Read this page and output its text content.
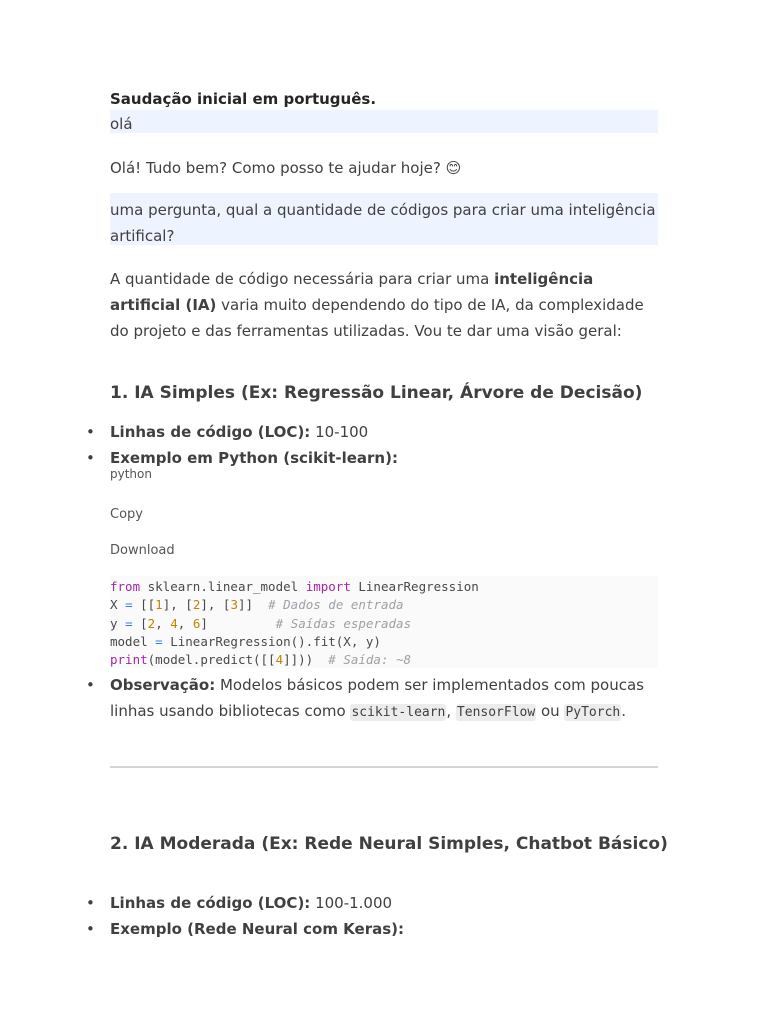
Saudação inicial em português.
olá

Olá! Tudo bem? Como posso te ajudar hoje? 😊

uma pergunta, qual a quantidade de códigos para criar uma inteligência artifical?

A quantidade de código necessária para criar uma inteligência artificial (IA) varia muito dependendo do tipo de IA, da complexidade do projeto e das ferramentas utilizadas. Vou te dar uma visão geral:

1. IA Simples (Ex: Regressão Linear, Árvore de Decisão)
• Linhas de código (LOC): 10-100
• Exemplo em Python (scikit-learn):
python
Copy
Download
from sklearn.linear_model import LinearRegression
X = [[1], [2], [3]]  # Dados de entrada
y = [2, 4, 6]         # Saídas esperadas
model = LinearRegression().fit(X, y)
print(model.predict([[4]]))  # Saída: ~8
• Observação: Modelos básicos podem ser implementados com poucas linhas usando bibliotecas como scikit-learn, TensorFlow ou PyTorch.
2. IA Moderada (Ex: Rede Neural Simples, Chatbot Básico)
• Linhas de código (LOC): 100-1.000
• Exemplo (Rede Neural com Keras):
